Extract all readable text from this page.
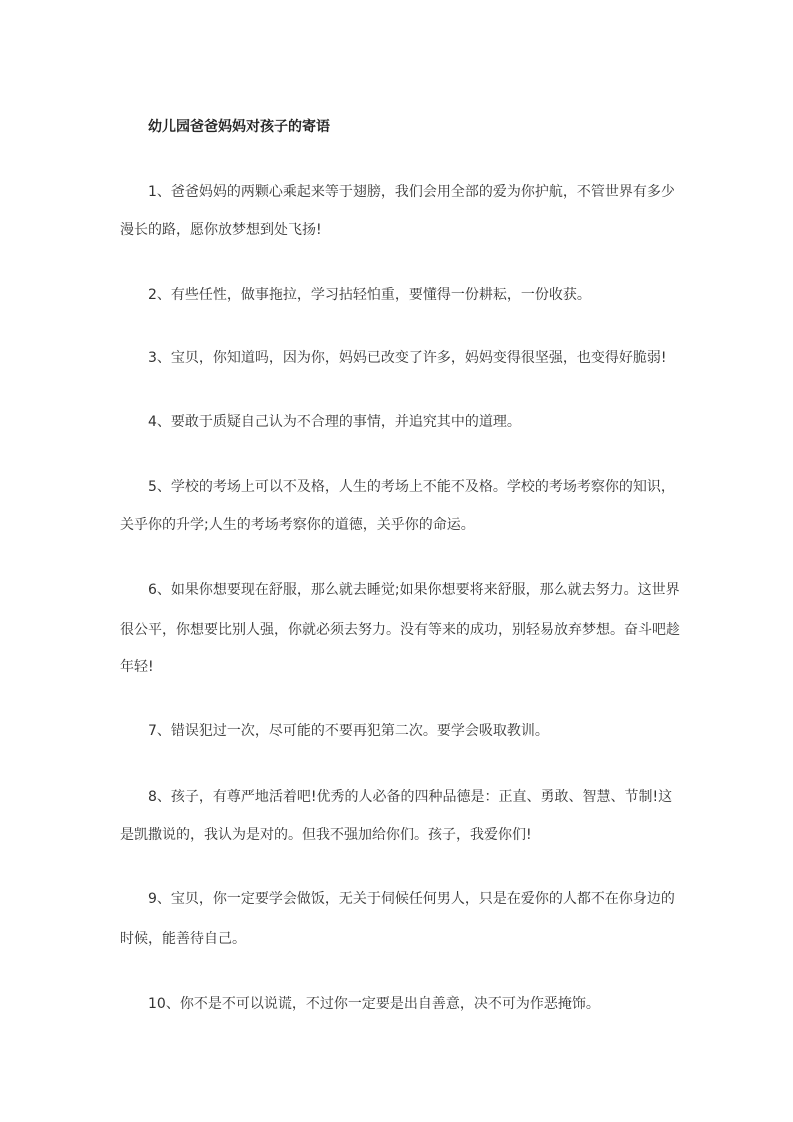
幼儿园爸爸妈妈对孩子的寄语
1、爸爸妈妈的两颗心乘起来等于翅膀，我们会用全部的爱为你护航，不管世界有多少
漫长的路，愿你放梦想到处飞扬!
2、有些任性，做事拖拉，学习拈轻怕重，要懂得一份耕耘，一份收获。
3、宝贝，你知道吗，因为你，妈妈已改变了许多，妈妈变得很坚强，也变得好脆弱!
4、要敢于质疑自己认为不合理的事情，并追究其中的道理。
5、学校的考场上可以不及格，人生的考场上不能不及格。学校的考场考察你的知识，
关乎你的升学;人生的考场考察你的道德，关乎你的命运。
6、如果你想要现在舒服，那么就去睡觉;如果你想要将来舒服，那么就去努力。这世界
很公平，你想要比别人强，你就必须去努力。没有等来的成功，别轻易放弃梦想。奋斗吧趁
年轻!
7、错误犯过一次，尽可能的不要再犯第二次。要学会吸取教训。
8、孩子，有尊严地活着吧!优秀的人必备的四种品德是：正直、勇敢、智慧、节制!这
是凯撒说的，我认为是对的。但我不强加给你们。孩子，我爱你们!
9、宝贝，你一定要学会做饭，无关于伺候任何男人，只是在爱你的人都不在你身边的
时候，能善待自己。
10、你不是不可以说谎，不过你一定要是出自善意，决不可为作恶掩饰。
